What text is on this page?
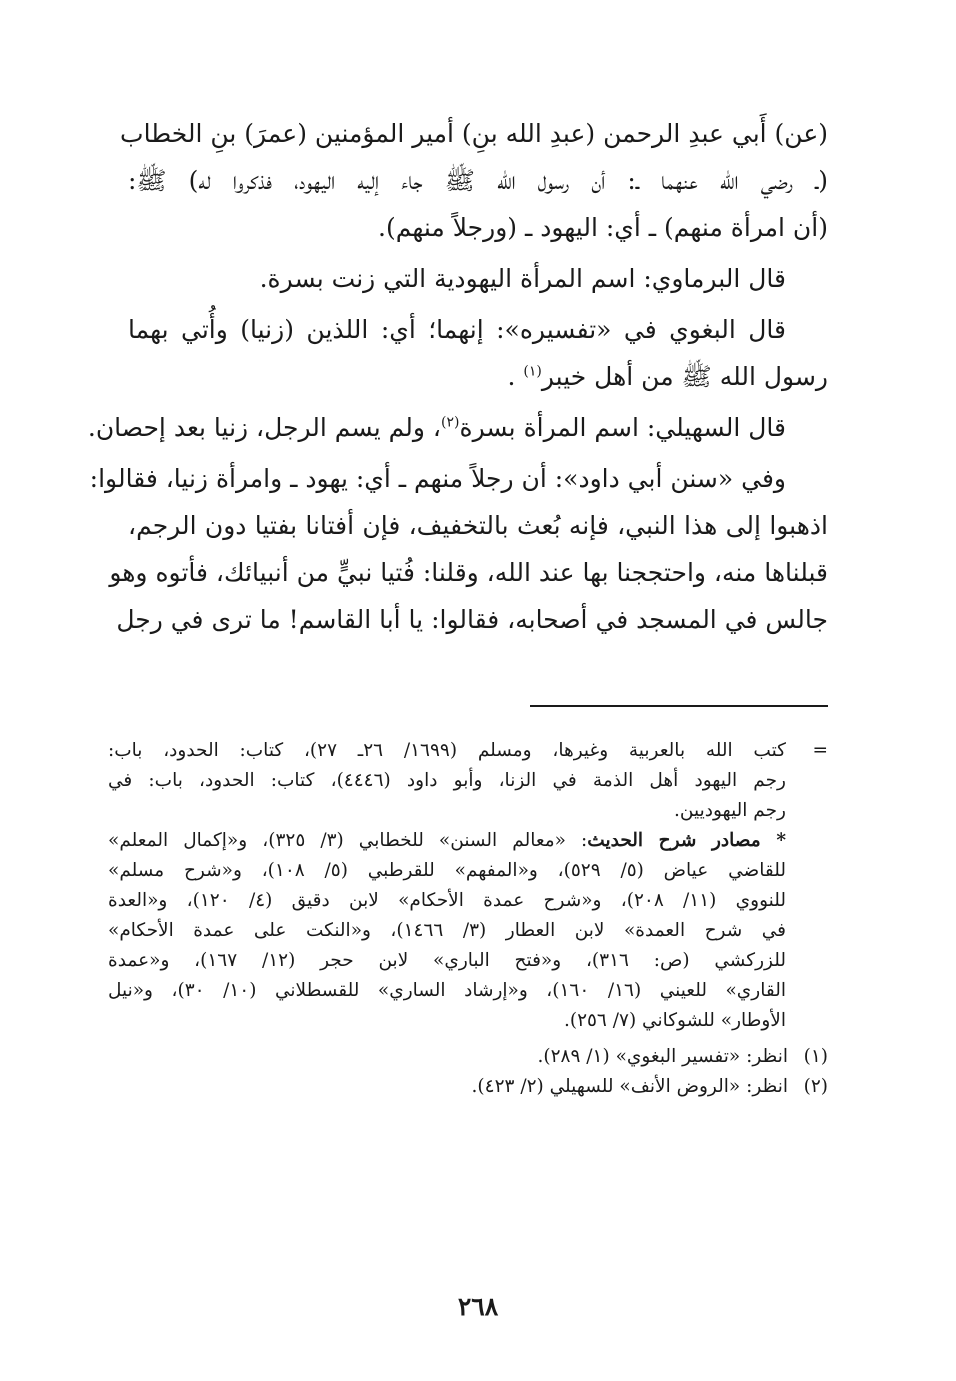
(عن) أَبي عبدِ الرحمن (عبدِ الله بنِ) أمير المؤمنين (عمرَ) بنِ الخطاب
(ـ رضي الله عنهما ـ: أن رسول الله ﷺ جاء إليه اليهود، فذكروا له) ﷺ:
(أن امرأة منهم) ـ أي: اليهود ـ (ورجلاً منهم).
قال البرماوي: اسم المرأة اليهودية التي زنت بسرة.
قال البغوي في «تفسيره»: إنهما؛ أي: اللذين (زنيا) وأُتي بهما
رسول الله ﷺ من أهل خيبر$^{(١)}$ .
قال السهيلي: اسم المرأة بسرة$^{(٢)}$، ولم يسم الرجل، زنيا بعد إحصان.
وفي «سنن أبي داود»: أن رجلاً منهم ـ أي: يهود ـ وامرأة زنيا، فقالوا:
اذهبوا إلى هذا النبي، فإنه بُعث بالتخفيف، فإن أفتانا بفتيا دون الرجم،
قبلناها منه، واحتججنا بها عند الله، وقلنا: فُتيا نبيٍّ من أنبيائك، فأتوه وهو
جالس في المسجد في أصحابه، فقالوا: يا أبا القاسم! ما ترى في رجل
=
كتب الله بالعربية وغيرها، ومسلم (١٦٩٩/ ٢٦ـ ٢٧)، كتاب: الحدود، باب:
رجم اليهود أهل الذمة في الزنا، وأبو داود (٤٤٤٦)، كتاب: الحدود، باب: في
رجم اليهوديين.
* مصادر شرح الحديث: «معالم السنن» للخطابي (٣/ ٣٢٥)، و«إكمال المعلم»
للقاضي عياض (٥/ ٥٢٩)، و«المفهم» للقرطبي (٥/ ١٠٨)، و«شرح مسلم»
للنووي (١١/ ٢٠٨)، و«شرح عمدة الأحكام» لابن دقيق (٤/ ١٢٠)، و«العدة
في شرح العمدة» لابن العطار (٣/ ١٤٦٦)، و«النكت على عمدة الأحكام»
للزركشي (ص: ٣١٦)، و«فتح الباري» لابن حجر (١٢/ ١٦٧)، و«عمدة
القاري» للعيني (١٦/ ١٦٠)، و«إرشاد الساري» للقسطلاني (١٠/ ٣٠)، و«نيل
الأوطار» للشوكاني (٧/ ٢٥٦).
(١)انظر: «تفسير البغوي» (١/ ٢٨٩).
(٢)انظر: «الروض الأنف» للسهيلي (٢/ ٤٢٣).
٢٦٨
